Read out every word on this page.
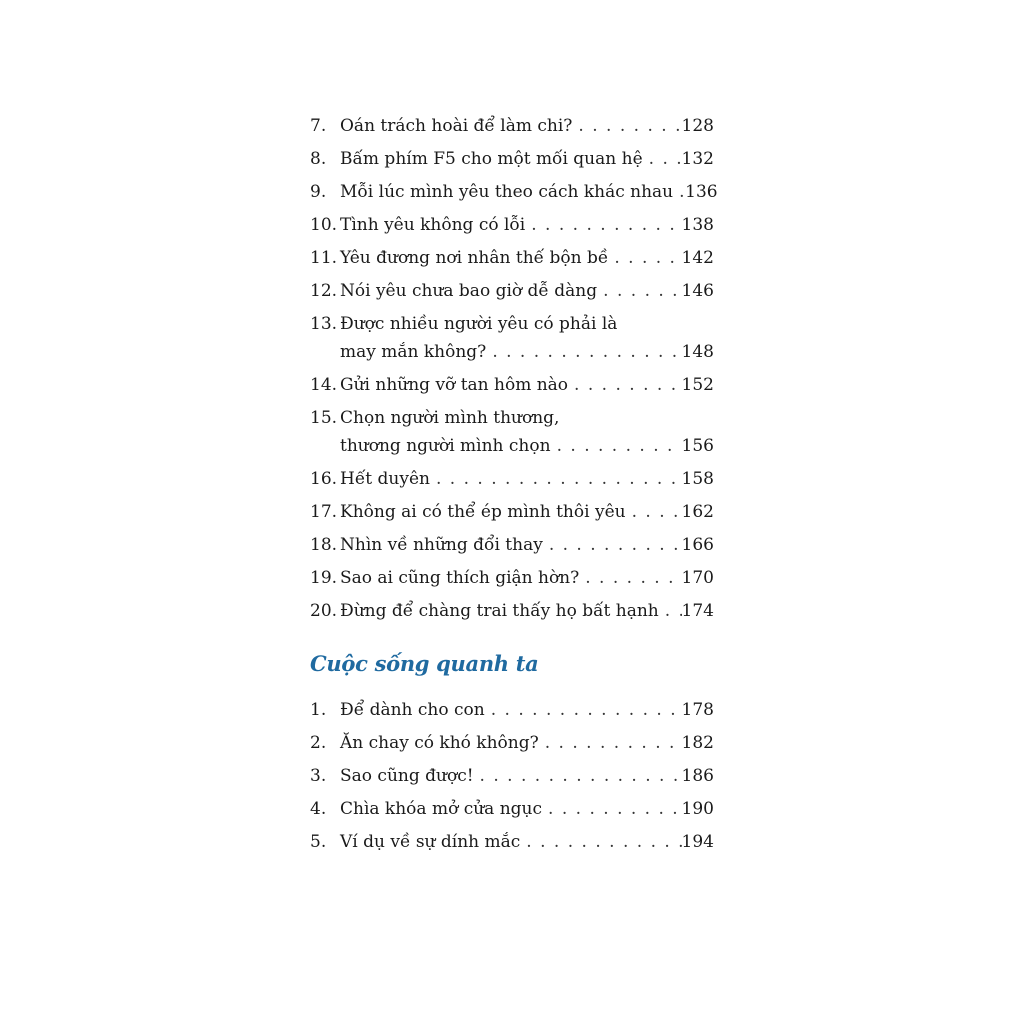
7. Oán trách hoài để làm chi? . . .	128
8. Bấm phím F5 cho một mối quan hệ . . . 132
9. Mỗi lúc mình yêu theo cách khác nhau . . . 136
10. Tình yêu không có lỗi . . .	138
11. Yêu đương nơi nhân thế bộn bề . . .	142
12. Nói yêu chưa bao giờ dễ dàng . . .	146
13. Được nhiều người yêu có phải là
may mắn không? . . .	148
14. Gửi những vỡ tan hôm nào . . .	152
15. Chọn người mình thương,
thương người mình chọn . . .	156
16. Hết duyên . . .	158
17. Không ai có thể ép mình thôi yêu . . .	162
18. Nhìn về những đổi thay . . .	166
19. Sao ai cũng thích giận hờn? . . .	170
20. Đừng để chàng trai thấy họ bất hạnh . . . 174
Cuộc sống quanh ta
1. Để dành cho con . . .	178
2. Ăn chay có khó không? . . .	182
3. Sao cũng được! . . .	186
4. Chìa khóa mở cửa ngục . . .	190
5. Ví dụ về sự dính mắc . . .	194
